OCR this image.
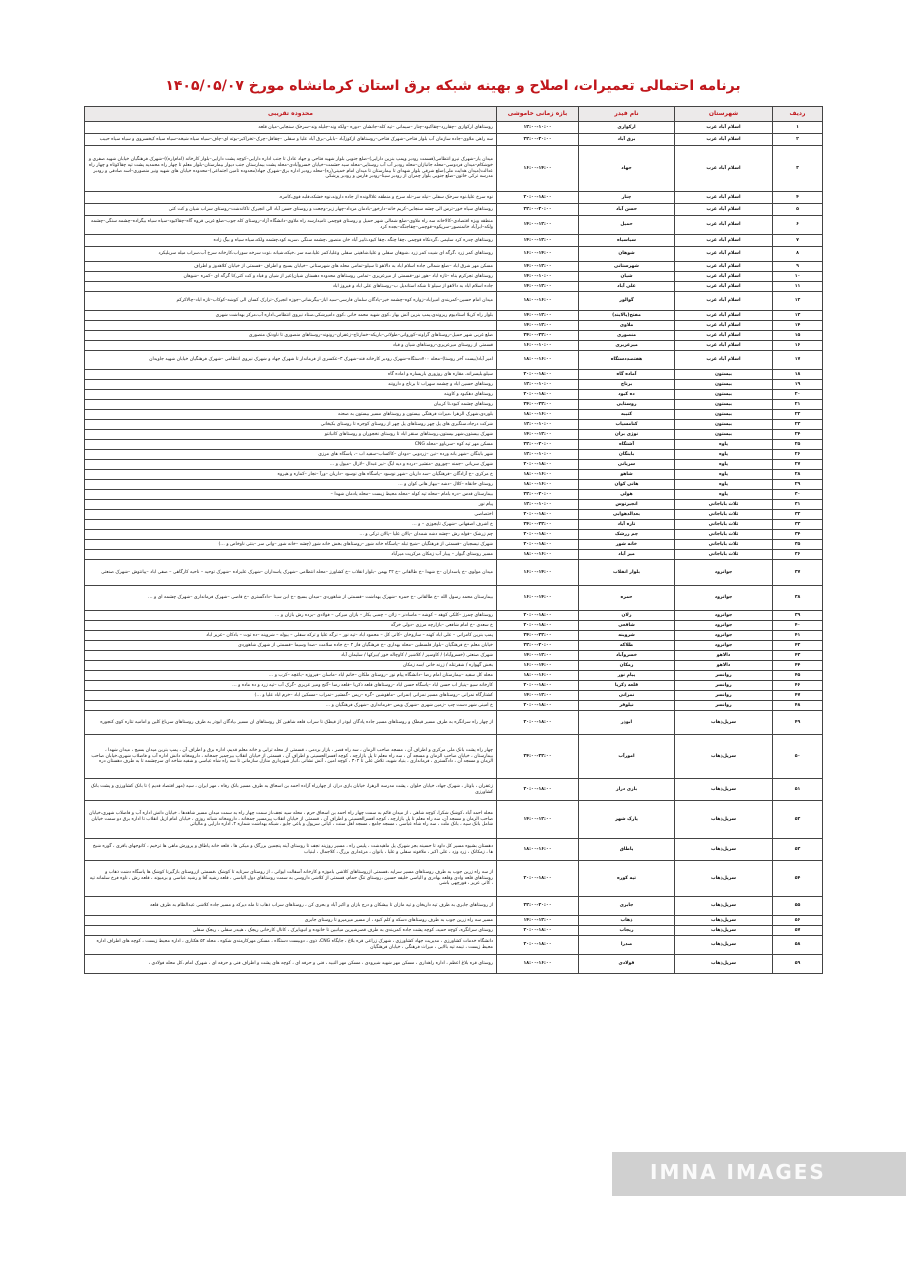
برنامه احتمالی تعمیرات، اصلاح و بهینه شبکه برق استان کرمانشاه مورخ ۱۴۰۵/۰۵/۰۷
ردیف	شهرستان	نام فیدر	بازه زمانی خاموشی	محدوده تقریبی
۱	اسلام آباد غرب	ارکوازی	۱۲:۰۰-۱۰:۰۰	روستاهای ارکوازی –چقاررد–چقاکبود–چنار –سیمانی –تپه کله–جانشان –دوره –ولکه وند–جلیله وند–سرخک سنجابی–میان قلعه
۲	اسلام آباد غرب	برق آباد	۲۲:۰۰-۲۰:۰۰	سه راهی ملاوی–جاده سازمان آب بلوار فتاحی–شهرک فتاحی–روستاهای ازکوزآباد –بابلی–برق آباد علیا و سفلی –چقاقل–چرک–تخراکبر–بوته ای–چاف–سیاه سیاه شیخه–سیاه سیاه کیخسروی و سیاه سیاه حبیب
۳	اسلام آباد غرب	جهاد	۱۶:۰۰-۱۴:۰۰	میدان یار–شهرک نیرو انتظامی(قسمت رودبر وپمپ بنزین دارایی)–ضلع جنوبی بلوار شهید فتاحی و جهاد عادل تا جنب اداره دارایی–کوچه پشت دارایی–بلوار کارخانه (امام(ره))–شهرک فرهنگیان خیابان شهید صفری و خوشکام–میدان فردوسی–محله جانبازان–محله رودبر آب آب روستایی–محله سید حشمت–خیابان خسروآبادی–محله پشت بیمارستان جنب دیوار بیمارستان–بلوار معلم تا چهار راه محمدیه پشت تپه چقاکوتاه و چهار راه عدالت(میدان هدایت ملی)ضلع شرقی بلوار شهدای تا بیمارستان تا میدان امام خمینی(ره)–محله رودبر اداره برق–شهرک جهاد(محدوده تامین اجتماعی)–محدوده خیابان های شهید ونیر منصوری–اسد صادقی و رودبر مدرسه ترکی خاتون–ضلع جنوبی بلوار چمران از رودبر سینا–رودبر فارس و رودبر پزشکی
۴	اسلام آباد غرب	چنار	۲۰:۰۰-۱۸:۰۰	نوه سرخ علیا،نوه سرخک سفلی –نیله سر–نله سرخ و منطقه علاالونده از جاده داروند،نوه خشکه،قلبه قوی،کامره.
۵	اسلام آباد غرب	حسن آباد	۲۲:۰۰-۲۰:۰۰	روستاهای سیاه خور–ترس الی چشه سنجابی–کریم خانه–دارخور–بادمان مرداد–چهار زبر–وجحت و روستای حسن آباد الی انجیرک تاکاندشت–روستای سراب شیان و کت کتی
۶	اسلام آباد غرب	حمیل	۱۴:۰۰-۱۲:۰۰	منطقه ویژه اقتصادی–کالاخانه سه راه ملاوی–ضلع شمالی شهر حمیل و روستای قوچمی تامیدارسه راه ملاوی–دانشگاه آزاد–روستای کله جوب–ضلع غربی قروه گاه–چقاکبود–سیاه سیاه بیگزاده–چشمه سنگی–چشمه ولکه–ابرآباد خانمنصور–سرپکوه–قوچمی–چقاجنگه–بجده کرد
۷	اسلام آباد غرب	سیاسیاه	۱۴:۰۰-۱۲:۰۰	روستاهای چدره کرد سلیمی ،گردنکاه قوچمی ،چقا چنگه ،چقا کبود،تابیر آباد خان منصور ،چشمه سنگی ،سربه کود،چشمه ولکه،سیاه سیاه و بیگ زاده
۸	اسلام آباد غرب	شوهان	۱۶:۰۰-۱۴:۰۰	روستاهای کمر زرد ،گرگه ای شیت کمر زرد ،شوهان سفلی و علیا،شاهینی سفلی وعلیا،کمر علیا،سه سر ،خیکه،شیانه ،توت سرخه سوراب،کارخانه سرخ آب،سراب میله سربلیکرد
۹	اسلام آباد غرب	شهرستانی	۱۴:۰۰-۱۲:۰۰	مسکن مهر شرق اباد –ضلع شمالی جاده اسلام اباد به دالاهو تا سیلو–تمامی محله های شهرستانی –خیابان بسیج و اطراف –قسمتی از خیابان کلاهدوز و اطراف
۱۰	اسلام آباد غرب	شیان	۱۴:۰۰-۱۰:۰۰	روستاهای تجرکرم بناه –تازه اباد –هور نور–قسمتی از میرعزیزی –تمامی روستاهای محدوده دهستان شیان(غیر از شیان و قباد و کت کتی)تا گرگه ای –کمره –شوهان
۱۱	اسلام آباد غرب	علی آباد	۱۴:۰۰-۱۲:۰۰	جاده اسلام اباد به دالاهو از سیلو تا شکه استاندیل ب–روستاهای علی اباد و فیروز اباد
۱۲	اسلام آباد غرب	گوالور	۱۸:۰۰-۱۶:۰۰	میدان امام حسین–کمربندی امیراباد–زواره کوه–چشمه خیر–پادگان سلمان فارسی–سید اباز–بیگرشانی–جوزه انجیرک–ترارک کسان الی کوشه–کوکاب–تازه اباد–چالاکرکم
۱۳	اسلام آباد غرب	مفتح(پالایند)	۱۴:۰۰-۱۲:۰۰	بلوار راه کربلا استادیوم ریزوندی،پمپ بنزین آتش بهار ،کوی شهید محمد خانی ،کوی دامپزشکی،ستاد نیروی انتظامی،اداره آب،مرکز بهداشت شهری
۱۴	اسلام آباد غرب	ملاوی	۱۴:۰۰-۱۲:۰۰	
۱۵	اسلام آباد غرب	منصوری	۲۴:۰۰-۲۲:۰۰	ضلع غربی شهر حمیل–روستاهای گراوند–کوروانی–طولانی–باریکه–خمارتاج–زعفران–رونوند–روستاهای منصوری تا ناودنک منصوری
۱۶	اسلام آباد غرب	میرعزیزی	۱۶:۰۰-۱۰:۰۰	قسمتی از روستای میرعزیزی–روستاهای شیان و قباد
۱۷	اسلام آباد غرب	هفتصددستگاه	۱۸:۰۰-۱۶:۰۰	امیر آباد(بیست آخر روستا)–محله ۷۰۰دستگاه–شهرک رودبر کارخانه قند–شهرک ۳–عکسری از فرماندار تا شهرک جهاد و شهرک نیروی انتظامی –شهرک فرهنگیان خیابان شهید جاویدان
۱۸	بیستون	آماده گاه	۲۰:۰۰-۱۸:۰۰	سیلو،بلیسرانه، مقاره های روزوری باریساره و اماده گاه
۱۹	بیستون	برناج	۱۲:۰۰-۱۰:۰۰	روستاهای حسین اباد و چشمه سهراب تا برناج و دارونند
۲۰	بیستون	ده کبود	۲۰:۰۰-۱۸:۰۰	روستاهای دهکبود و کاوینه
۲۱	بیستون	روستایی	۲۴:۰۰-۲۲:۰۰	روستاهای چشمه کبود،تا کربیان
۲۲	بیستون	کتیبه	۱۸:۰۰-۱۶:۰۰	بلوردی،شهرک الزهرا ،میراث فرهنگی بیستون و روستاهای مسیر بیستون به صحنه
۲۳	بیستون	کنامسیاب	۱۲:۰۰-۱۰:۰۰	شرکت درجاد،سنگبری های پل چهر روستاهای پل چهر از روستای کوجره تا روستای بکیخانی
۲۴	بیستون	نوژی بران	۱۴:۰۰-۱۲:۰۰	شهرک بیستون،شهر بیستون،روستاهای سنقر اباد تا روستای نخجوران و روستاهای کانبانتو
۲۵	پاوه	آشتگاه	۲۲:۰۰-۲۰:۰۰	مسکن مهر تپه کوه –سرباوو –محله CNG
۲۶	پاوه	بابنگان	۱۲:۰۰-۱۰:۰۰	شهر بابنگان –شهر بانه ورده –نین –زردوبی –دودان –کاکساب–سفید اب –، پاسگاه های مرزی
۲۷	پاوه	سریانی	۲۰:۰۰-۱۸:۰۰	شهرک سریانی –جمنه –چوروی –منشیر –درده و دیه ایگ –نیر عبدال –لارال –میول و …
۲۸	پاوه	شاهو	۱۸:۰۰-۱۶:۰۰	خ مرکزی –خ آزادگان –فرهنگیان –سد داریان –شهر نوسود –پاسگاه های نوسود –داریان –ورآ –نجار –کماره و هیروه
۲۹	پاوه	هانی کوان	۱۸:۰۰-۱۶:۰۰	روستای حانقاه –کلال –دشه –بیهاز هانی کوان و …
۳۰	پاوه	هولی	۲۲:۰۰-۲۰:۰۰	بیمارستان قدس –دره بامام –محله تپه کوله –محله محیط زیست –محله یادمان شهدا –
۳۱	ثلاث باباجانی	انجیرتوس	۱۲:۰۰-۱۰:۰۰	پیام نور
۳۲	ثلاث باباجانی	بعدالدهوابی	۲۰:۰۰-۱۸:۰۰	اختصاصی
۳۳	ثلاث باباجانی	تازه آباد	۲۴:۰۰-۲۲:۰۰	خ اشرف اصفهانی –شهرک تایجوزی – و …
۳۴	ثلاث باباجانی	چم زرشک	۲۰:۰۰-۱۸:۰۰	چم زرشک –قوله رش –چشه دشه شمدان –پالان علیا –پالان ترکی و …
۳۵	ثلاث باباجانی	خانه شور	۲۰:۰۰-۱۸:۰۰	شهرک نیسجبان –قسمتی از فرهنگیان –شیخ تبله –پاسگاه خانه شور –روستاهای بخش خانه شور (چشه –خانه شور –وانی سر –بنتی ناوخاص و …)
۳۶	ثلاث باباجانی	میر آباد	۱۸:۰۰-۱۶:۰۰	مسیر روستای گیوار – پیبار آب زمکان مرکزیت میرآباد
۳۷	جوانرود	بلوار انقلاب	۱۶:۰۰-۱۴:۰۰	میدان مولوی –خ پاسداران –خ شهدا –خ طالقانی –خ ۲۲ بهمن –بلوار انقلاب –خ کشاورز –محله انتظامی –شهرک پاسداران –شهرک علیزاده –شهرک توحید – ناحیه کارگاهی – صفی اباد –پیانتوش –شهرک صنعتی
۳۸	جوانرود	حمزه	۱۶:۰۰-۱۴:۰۰	بیمارستان محمد رسول الله –خ طالقانی –خ حمزه –شهرک بهداشت –قسمتی از شاهوردی –میدان بسیج –خ ابن سینا –دادگستری –خ قاضی –شهرک فرمانداری –شهرک چشمه ای و …
۳۹	جوانرود	زلان	۲۰:۰۰-۱۸:۰۰	روستاهای چمرز –کلکی کوهد – کوشه – ماسادنر – زلان – چمبی بکار – بازان میرکی – فولادی –بزده رش بازان و …
۴۰	جوانرود	شافعی	۲۰:۰۰-۱۸:۰۰	خ سعدی –خ امام شافعی –بازارچه مرزی –دولی خرگه
۴۱	جوانرود	شروینه	۲۴:۰۰-۲۲:۰۰	پمپ بنزین کامرانی – علی اباد کهنه – سازوخان –کانی کل – محمود اباد –تپه نور – نرگه علیا و ترکه سفلی – بیوله – شروینه –ده توت – بادکان –عزیز اباد
۴۲	جوانرود	طلاکه	۲۲:۰۰-۲۰:۰۰	خیابان معلم –خ فرهنگیان –بلوار فلسطین –محله بهداری –خ فرهنگیان فاز ۲ –خ جاده سلامت –صدا وسیما –قسمتی از شهرک شاهوردی
۴۳	دالاهو	خسروآباد	۱۴:۰۰-۱۲:۰۰	شهرک صنعتی (خسروآباد) / کاوسپر / کلاشیر / کاوچاله خور /بیرکها / سلیمان آباد
۴۴	دالاهو	زمکان	۱۶:۰۰-۱۴:۰۰	بخش گهواره / شقرتنله / زرنه خانی /سه زمکان
۴۵	روانسر	پیام نور	۱۸:۰۰-۱۶:۰۰	محله کل سفید –بیمارستان امام رضا –دانشگاه پیام نور –روستای ملکان –خانم اباد –ماسان –فیروزه –باغچه –کرب و …
۴۶	روانسر	قلعه ذکریا	۲۰:۰۰-۱۸:۰۰	کارخانه سیو –پنیاز اب حسن اباد –پاسگاه حسن اباد –روستاهای قلعه ذکریا –قلعه رضا –گنج ومیر عزیزی –گرک آب –تپه زرد و ده ماده و …
۴۷	روانسر	نمرانی	۱۴:۰۰-۱۲:۰۰	کشتارگاه نمرانی –روستاهای مسیر نمرانی (نمرانی –ماهوشین –گره –ریس –گمشیر –نمراب –مسکین اباد –خرم اباد علیا و …)
۴۸	روانسر	نیلوفر	۲۰:۰۰-۱۸:۰۰	خ امینی شهر دست چپ –زمین شهری –شهرک ویس –فرمانداری –شهرک فرهنگیان و …
۴۹	سرپل‌ذهاب	ابوذر	۲۰:۰۰-۱۸:۰۰	از چهار راه سرانگره به طرف مسیر قیطک و روستاهای مسیر جاده پادگان ابوذر از قیطک تا سراب قلعه شاهین کل روستاهای ان مسیر ،پادگان ابوذر به طرف روستاهای سرباغ کلین و امامیه تتاره کوی کنجوره
۵۰	سرپل‌ذهاب	امورآب	۲۴:۰۰-۲۲:۰۰	چهار راه پشت بانک ملی مرکزی و اطراف آن ، مسجد صاحب الزمان ، سه راه قصر ، بازار بزدمی ، قسمتی از محله ترابی و خانه معلم قدیم، اداره برق و اطراف آن ، پمپ بنزین میدان بسیج ، میدان شهدا ، بیمارستان ، خیابان صاحب الزمان و مسجد آن ، سه راه معلم تا پل بازارچه ، کوچه افسرالحسینی و اطراف آن ، قسمتی از خیابان انقلاب بیرجمیر جمخانه ، دارومخانه دانش اداره آب و فاضلاب شهری،خیابان صاحب الزمان و مسجد آن ، دادگستری ، فرمانداری ، بنیاد شهید، تلاش علی تا ۳۰۲ ، کوچه امین ، آتش نشانی ،انبار شهرداری منازل سازمانی تا سه راه شاه عباسی و شفیه شاخه ای سرچشمه تا به طرف دهستان دره
۵۱	سرپل‌ذهاب	بازی دراز	۲۰:۰۰-۱۸:۰۰	زعفران ، باوتار ، شهرک جهاد، خیابان حلوان ، پشت مدرسه الزهرا، خیابان بازی دراز، از چهارراه آزاده احمد بن اسحاق به طرف مسیر بانک رفاه ، مهر ایران ، سپه (مهر اقتصاد قدیم ) تا بانک کشاورزی و پشت بانک کشاورزی
۵۲	سرپل‌ذهاب	پارک شهر	۱۴:۰۰-۱۲:۰۰	محله احمد آباد ،کوشک شکرا، کوچه شاهی ، از میدان قائم به سمت چهار راه احمد بن اسحاق حرم ، محله سید نجف،از سمت چهار راه به سمت میدان مسیر شاهدها ، خیابان دانش اداره آب و فاضلاب شهری،خیابان صاحب الزمان و مسجد آن، سه راه معلم تا پل بازارچه ، کوچه افسرالحسینی و اطراف آن ، قسمتی از خیابان انقلاب پیرمسیر جمخانه ، دارومخانه شبانه روزی ، خیابان امام ازپل انقلاب تا اداره برق دو سمت خیابان شامل بانک سپه ، بانک ملت ، سه راه شاه عباسی ، مسجد جامع ، مسجد اهل سنت ، کیانی سرپول و باغی جایو ، شبکه بهداشت شماره ۲، اداره دارایی و مالیاتی
۵۳	سرپل‌ذهاب	پاطاق	۱۸:۰۰-۱۶:۰۰	دهستان بشیوه مسیر کل داود تا حسینه بجز شهرک پل ماهیدشت ، پلیس راه ، مسیر روزیند نجف تا روستای آینه پنجمین بزرگک و میکی ها ، قلعه خانه پاطاق و پرورش ماهی ها ترخیم ، کانوجهای باقری ، گوره شیخ ها ، زمکانک ، زرد وزد ، علی اکبر ، ملاقوند سفلی و علیا ، بانوان ، مرغداری بزرگ ، کلاجمال ، لبنیاب
۵۴	سرپل‌ذهاب	تپه کوره	۲۰:۰۰-۱۸:۰۰	از سه راه زرین جوب به طرف روستاهای مسیر سرایه ،قسمتی ازروستاهای کلاشی باموزه و کارخانه آسفالت ایوانی ، از روستای سرتایه تا کوشک ،قسمتی ازروستای بازگیرنا کوشک ها پاسگاه دشت ذهاب و روستاهای قلعه وادی وقلعه بهادری و الیاسی خلیفه حسین ،روستای تنگ حمام، قسمتی از کلاشی داروسی به سمت روستاهای دول الیاسی ، قلعه رشید آقا و رشید عباسی و برمیوند ، قلعه رش ، ناوه فرخ سلمانه تپه ، کانی عزیز ، قورچهی باشی
۵۵	سرپل‌ذهاب	جابری	۲۲:۰۰-۲۰:۰۰	از روستاهای جابری به طرف تپه داریخان و تپه مازان تا بیشکان و درج بازان و اکبر آباد و بحری کن ، روستاهای سراب ذهاب تا مله دیرکه و مسیر جاده کلاشی عبدالظام به طرف قلعه
۵۶	سرپل‌ذهاب	ذهاب	۱۴:۰۰-۱۲:۰۰	مسیر سه راه زرین جوب به طرف روستاهای دسکه و کلم کبود ، از مسیر میرمیرو تا روستای جابری
۵۷	سرپل‌ذهاب	ریجاب	۲۰:۰۰-۱۸:۰۰	روستای سرانگره، کوچه حمید، کوچه پشت جاده کمربندی به طرف قصرشیرین میانبین تا خانوده و انبوبایرک ، کانال کارخانی ریجک ، هیبدر سفلی ، ریجک سفلی
۵۸	سرپل‌ذهاب	صدرا	۲۰:۰۰-۱۸:۰۰	دانشگاه خدمات کشاورزی ، مدیریت جهاد کشاورزی ، شهرک زراعی قره بلاغ ، جایگاه CNG، ذوی ، دوبیست دستگاه ، مسکن مهرکارمندی شکوه ، محله ۵۲ هکتاری ، اداره محیط زیست ، کوچه های اطراف اداره محیط زیست ، تیمه تپه بالایی ، میراث فرهنگی ، خیابان فرهنگیان
۵۹	سرپل‌ذهاب	فولادی	۱۸:۰۰-۱۶:۰۰	روستای قره بلاغ اعظم ، اداره راهداری ، مسکن مهر شهید شیرودی ، مسکن مهر النبید ، فنی و حرفه ای ، کوچه های پشت و اطراف فنی و حرفه ای ، شهرک امام ،کل محله فولادی ،
IMNA IMAGES
